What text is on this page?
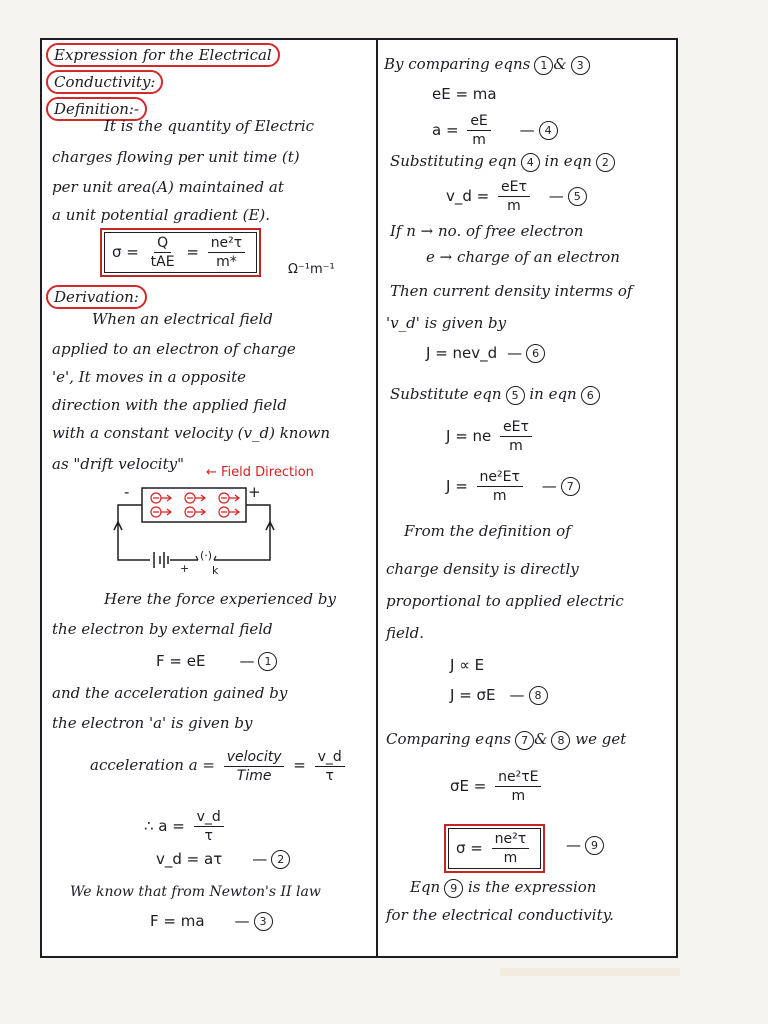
Expression for the Electrical
Conductivity:
Definition:-
It is the quantity of Electric
charges flowing per unit time (t)
per unit area(A) maintained at
a unit potential gradient (E).
$\sigma = \frac{Q}{\text{tAE}} = \frac{\text{ne²τ}}{m*}$	Ω⁻¹m⁻¹
Derivation:
When an electrical field
applied to an electron of charge
'e', It moves in a opposite
direction with the applied field
with a constant velocity (v_d) known
as "drift velocity" ← Field Direction
-	+
+
(·)
k
Here the force experienced by
the electron by external field
F = eE — 1
and the acceleration gained by
the electron 'a' is given by
acceleration $a = \frac{\text{velocity}}{\text{Time}} = \frac{v\_d}{\tau}$
∴ $a = \frac{v\_d}{\tau}$
v_d = aτ — 2
We know that from Newton's II law
F = ma — 3
By comparing eqns 1 & 3
eE = ma
$a = \frac{eE}{m}$ — 4
Substituting eqn 4 in eqn 2
v_d = $\frac{\text{eEτ}}{m}$ — 5
If n → no. of free electron
e → charge of an electron
Then current density interms of
'v_d' is given by
J = nev_d — 6
Substitute eqn 5 in eqn 6
J = ne $\frac{\text{eEτ}}{m}$
$J = \frac{\text{ne²Eτ}}{m}$ — 7
From the definition of
charge density is directly
proportional to applied electric
field.
J ∝ E
J = σE — 8
Comparing eqns 7 & 8 we get
$\sigma E = \frac{\text{ne²τE}}{m}$
$\sigma = \frac{\text{ne²τ}}{m}$ — 9
Eqn 9 is the expression
for the electrical conductivity.
